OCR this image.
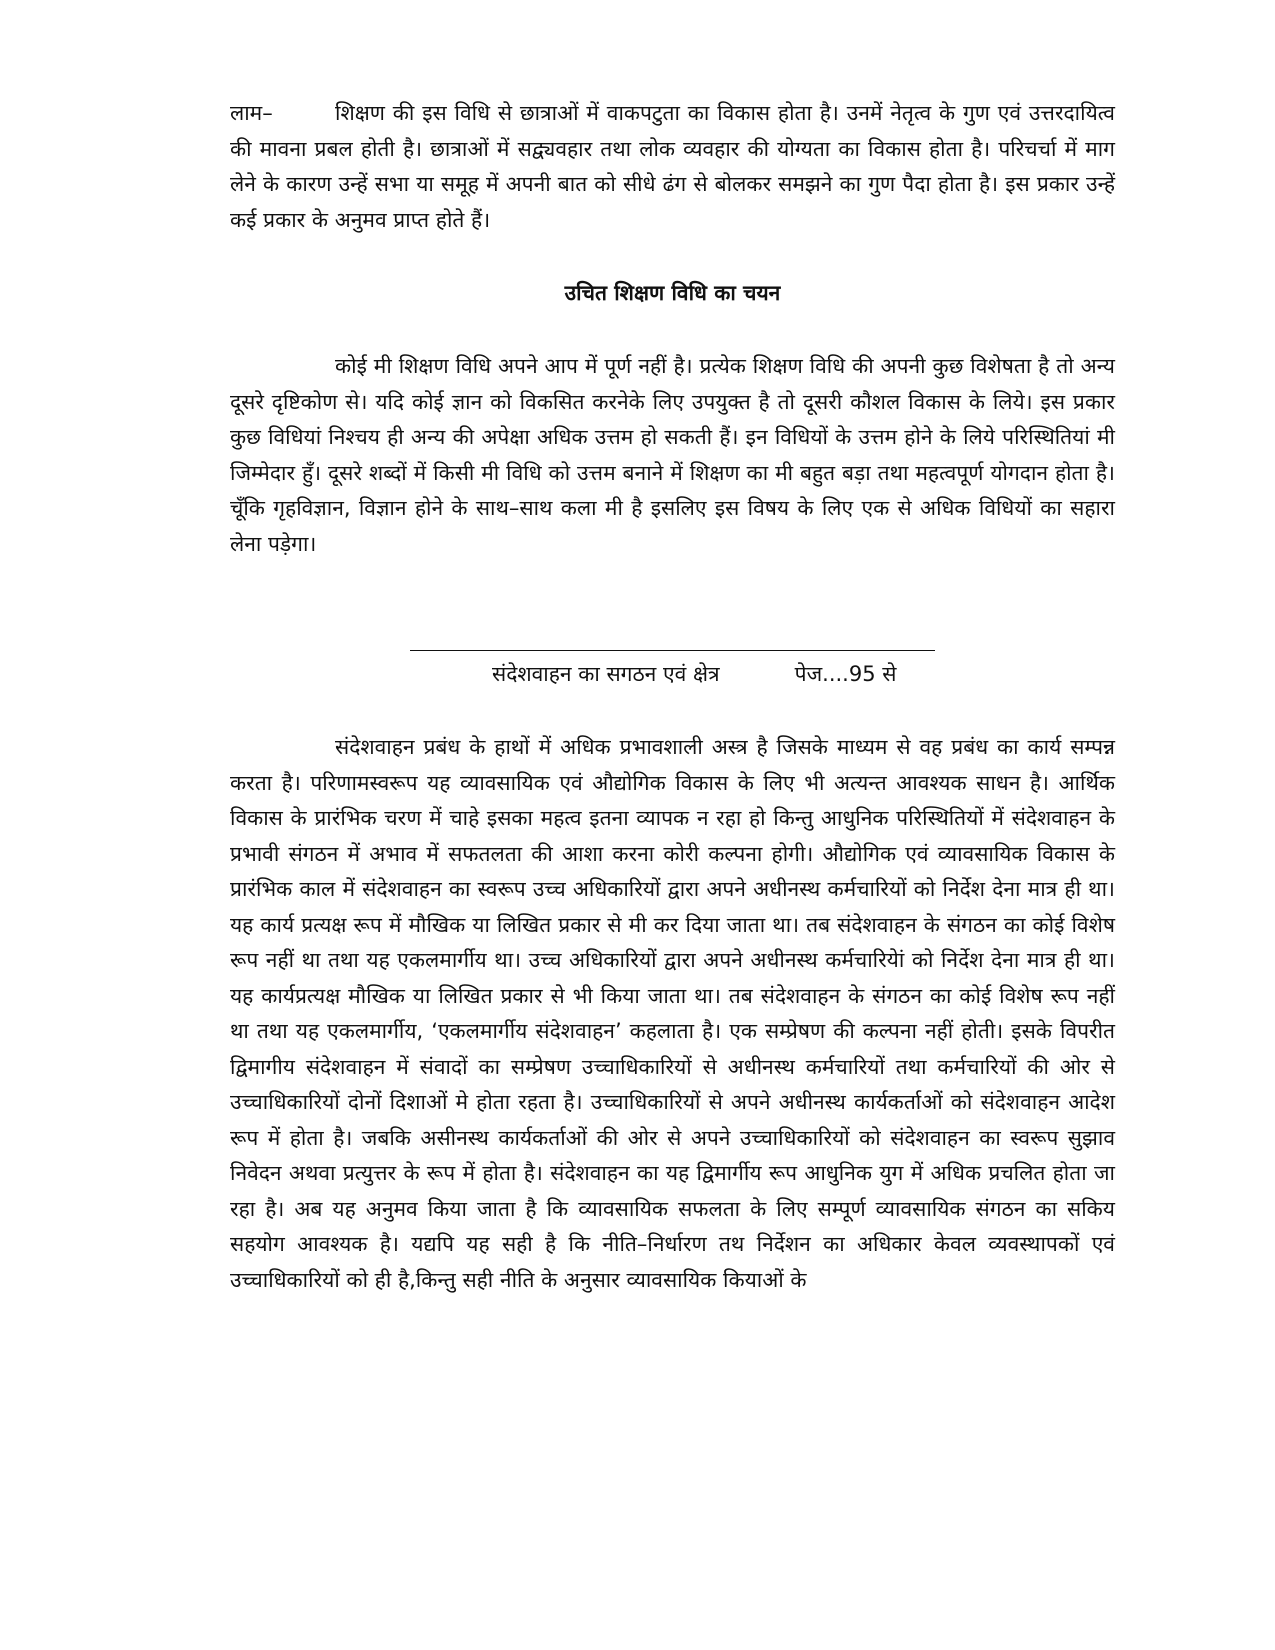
लाम–	शिक्षण की इस विधि से छात्राओं में वाकपटुता का विकास होता है। उनमें नेतृत्व के गुण एवं उत्तरदायित्व की मावना प्रबल होती है। छात्राओं में सद्व्यवहार तथा लोक व्यवहार की योग्यता का विकास होता है। परिचर्चा में माग लेने के कारण उन्हें सभा या समूह में अपनी बात को सीधे ढंग से बोलकर समझने का गुण पैदा होता है। इस प्रकार उन्हें कई प्रकार के अनुमव प्राप्त होते हैं।

उचित शिक्षण विधि का चयन

कोई मी शिक्षण विधि अपने आप में पूर्ण नहीं है। प्रत्येक शिक्षण विधि की अपनी कुछ विशेषता है तो अन्य दूसरे दृष्टिकोण से। यदि कोई ज्ञान को विकसित करनेके लिए उपयुक्त है तो दूसरी कौशल विकास के लिये। इस प्रकार कुछ विधियां निश्चय ही अन्य की अपेक्षा अधिक उत्तम हो सकती हैं। इन विधियों के उत्तम होने के लिये परिस्थितियां मी जिम्मेदार हुँ। दूसरे शब्दों में किसी मी विधि को उत्तम बनाने में शिक्षण का मी बहुत बड़ा तथा महत्वपूर्ण योगदान होता है। चूँकि गृहविज्ञान, विज्ञान होने के साथ–साथ कला मी है इसलिए इस विषय के लिए एक से अधिक विधियों का सहारा लेना पड़ेगा।

संदेशवाहन का सगठन एवं क्षेत्र	पेज....95 से

संदेशवाहन प्रबंध के हाथों में अधिक प्रभावशाली अस्त्र है जिसके माध्यम से वह प्रबंध का कार्य सम्पन्न करता है। परिणामस्वरूप यह व्यावसायिक एवं औद्योगिक विकास के लिए भी अत्यन्त आवश्यक साधन है। आर्थिक विकास के प्रारंभिक चरण में चाहे इसका महत्व इतना व्यापक न रहा हो किन्तु आधुनिक परिस्थितियों में संदेशवाहन के प्रभावी संगठन में अभाव में सफतलता की आशा करना कोरी कल्पना होगी। औद्योगिक एवं व्यावसायिक विकास के प्रारंभिक काल में संदेशवाहन का स्वरूप उच्च अधिकारियों द्वारा अपने अधीनस्थ कर्मचारियों को निर्देश देना मात्र ही था। यह कार्य प्रत्यक्ष रूप में मौखिक या लिखित प्रकार से मी कर दिया जाता था। तब संदेशवाहन के संगठन का कोई विशेष रूप नहीं था तथा यह एकलमार्गीय था। उच्च अधिकारियों द्वारा अपने अधीनस्थ कर्मचारियेां को निर्देश देना मात्र ही था। यह कार्यप्रत्यक्ष मौखिक या लिखित प्रकार से भी किया जाता था। तब संदेशवाहन के संगठन का कोई विशेष रूप नहीं था तथा यह एकलमार्गीय, ‘एकलमार्गीय संदेशवाहन’ कहलाता है। एक सम्प्रेषण की कल्पना नहीं होती। इसके विपरीत द्विमागीय संदेशवाहन में संवादों का सम्प्रेषण उच्चाधिकारियों से अधीनस्थ कर्मचारियों तथा कर्मचारियों की ओर से उच्चाधिकारियों दोनों दिशाओं मे होता रहता है। उच्चाधिकारियों से अपने अधीनस्थ कार्यकर्ताओं को संदेशवाहन आदेश रूप में होता है। जबकि असीनस्थ कार्यकर्ताओं की ओर से अपने उच्चाधिकारियों को संदेशवाहन का स्वरूप सुझाव निवेदन अथवा प्रत्युत्तर के रूप में होता है। संदेशवाहन का यह द्विमार्गीय रूप आधुनिक युग में अधिक प्रचलित होता जा रहा है। अब यह अनुमव किया जाता है कि व्यावसायिक सफलता के लिए सम्पूर्ण व्यावसायिक संगठन का सकिय सहयोग आवश्यक है। यद्यपि यह सही है कि नीति–निर्धारण तथ निर्देशन का अधिकार केवल व्यवस्थापकों एवं उच्चाधिकारियों को ही है,किन्तु सही नीति के अनुसार व्यावसायिक कियाओं के
